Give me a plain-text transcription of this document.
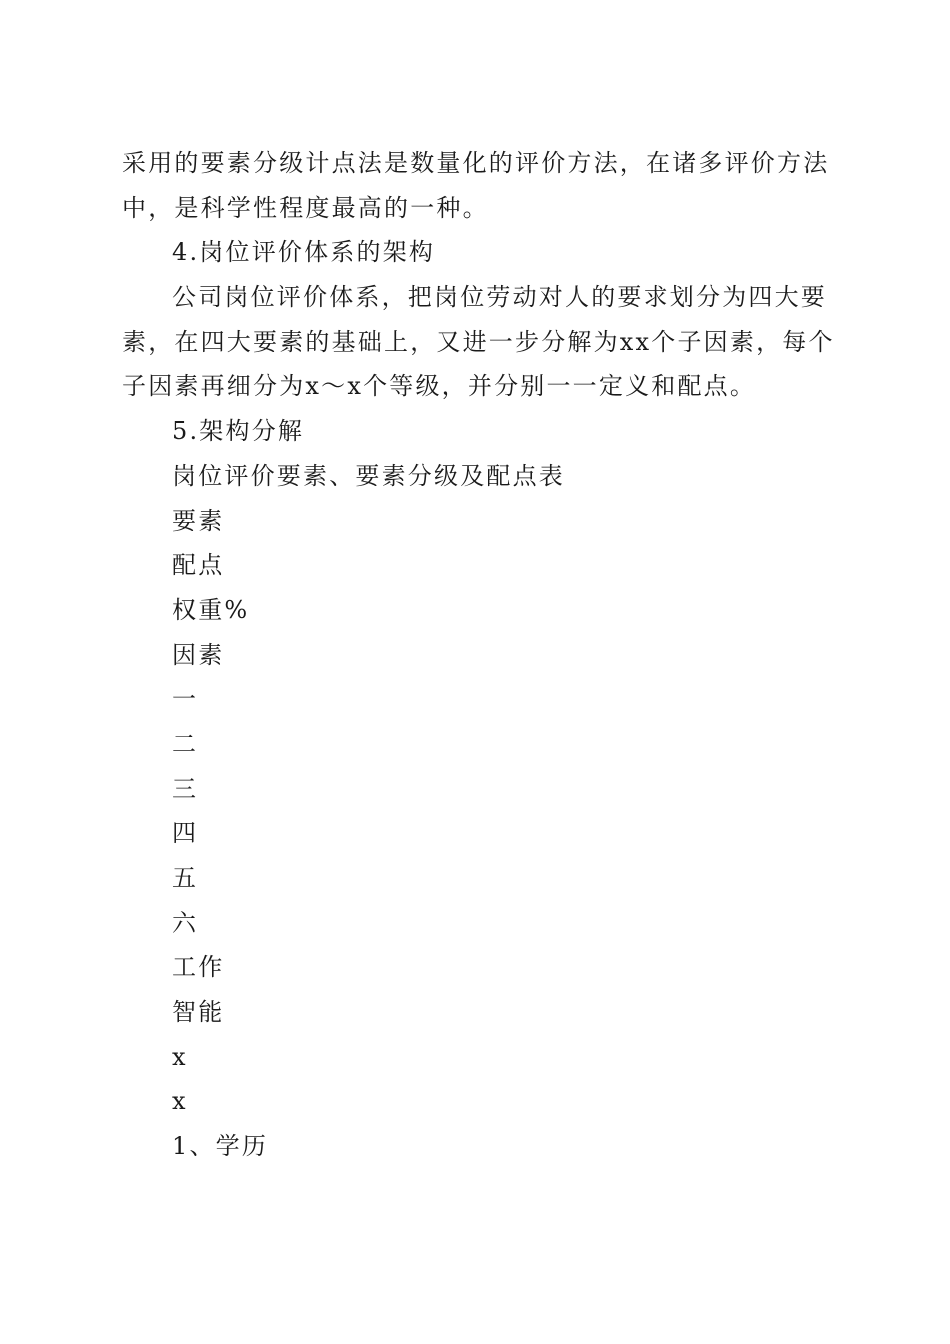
采用的要素分级计点法是数量化的评价方法，在诸多评价方法
中，是科学性程度最高的一种。
4.岗位评价体系的架构
公司岗位评价体系，把岗位劳动对人的要求划分为四大要
素，在四大要素的基础上，又进一步分解为xx个子因素，每个
子因素再细分为x～x个等级，并分别一一定义和配点。
5.架构分解
岗位评价要素、要素分级及配点表
要素
配点
权重%
因素
一
二
三
四
五
六
工作
智能
x
x
1、学历
